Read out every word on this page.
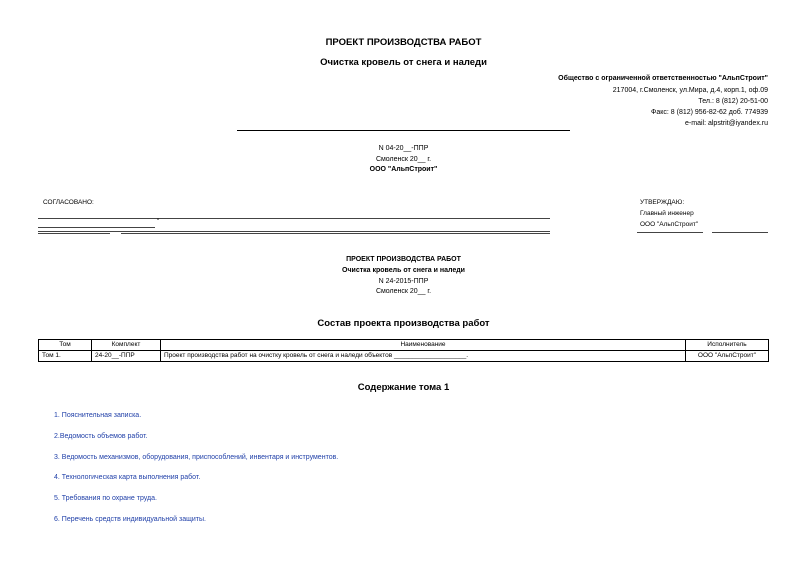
ПРОЕКТ ПРОИЗВОДСТВА РАБОТ
Очистка кровель от снега и наледи
Общество с ограниченной ответственностью "АльпСтроит"
217004, г.Смоленск, ул.Мира, д.4, корп.1, оф.09
Тел.: 8 (812) 20-51-00
Факс: 8 (812) 956-82-62 доб. 774939
e-mail: alpstrit@iyandex.ru
N 04-20__-ППР
Смоленск 20__ г.
ООО "АльпСтроит"
СОГЛАСОВАНО:
"
УТВЕРЖДАЮ:
Главный инженер
ООО "АльпСтроит"
ПРОЕКТ ПРОИЗВОДСТВА РАБОТ
Очистка кровель от снега и наледи
N 24-2015-ППР
Смоленск 20__ г.
Состав проекта производства работ
Том	Комплект	Наименование	Исполнитель
Том 1.	24-20__-ППР	Проект производства работ на очистку кровель от снега и наледи объектов ____________________.	ООО "АльпСтроит"
Содержание тома 1
1. Пояснительная записка.
2.Ведомость объемов работ.
3. Ведомость механизмов, оборудования, приспособлений, инвентаря и инструментов.
4. Технологическая карта выполнения работ.
5. Требования по охране труда.
6. Перечень средств индивидуальной защиты.
